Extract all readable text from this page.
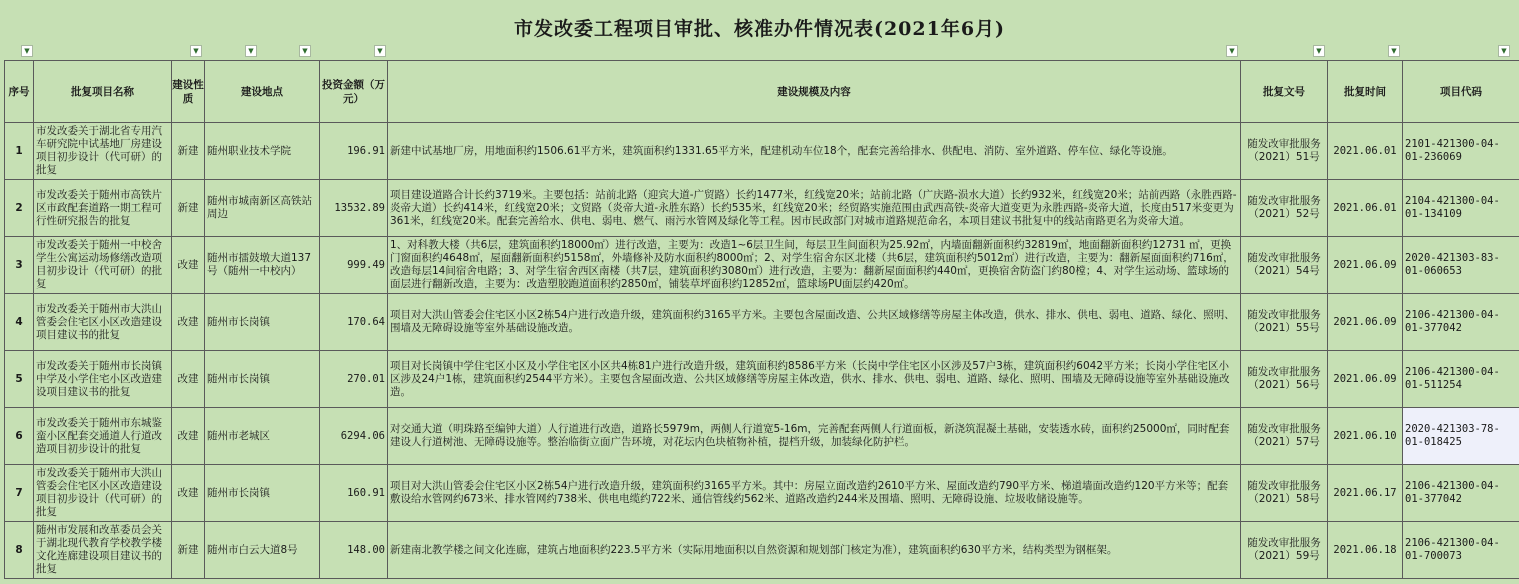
市发改委工程项目审批、核准办件情况表(2021年6月)
▼	▼	▼	▼	▼	▼	▼	▼	▼
序号	批复项目名称	建设性质	建设地点	投资金额（万元）	建设规模及内容	批复文号	批复时间	项目代码

1	市发改委关于湖北省专用汽车研究院中试基地厂房建设项目初步设计（代可研）的批复	新建	随州职业技术学院	196.91	新建中试基地厂房，用地面积约1506.61平方米，建筑面积约1331.65平方米，配建机动车位18个，配套完善给排水、供配电、消防、室外道路、停车位、绿化等设施。	随发改审批服务（2021）51号	2021.06.01	2101-421300-04-01-236069

2	市发改委关于随州市高铁片区市政配套道路一期工程可行性研究报告的批复	新建	随州市城南新区高铁站周边	13532.89	项目建设道路合计长约3719米。主要包括：站前北路（迎宾大道-广贸路）长约1477米，红线宽20米；站前北路（广庆路-涢水大道）长约932米，红线宽20米；站前西路（永胜西路-炎帝大道）长约414米，红线宽20米；文贸路（炎帝大道-永胜东路）长约535米，红线宽20米；经贸路实施范围由武西高铁-炎帝大道变更为永胜西路-炎帝大道，长度由517米变更为361米，红线宽20米。配套完善给水、供电、弱电、燃气、雨污水管网及绿化等工程。因市民政部门对城市道路规范命名，本项目建议书批复中的线站南路更名为炎帝大道。	随发改审批服务（2021）52号	2021.06.01	2104-421300-04-01-134109

3	市发改委关于随州一中校舍学生公寓运动场修缮改造项目初步设计（代可研）的批复	改建	随州市擂鼓墩大道137号（随州一中校内）	999.49	1、对科教大楼（共6层，建筑面积约18000㎡）进行改造，主要为：改造1~6层卫生间，每层卫生间面积为25.92㎡，内墙面翻新面积约32819㎡，地面翻新面积约12731 ㎡，更换门窗面积约4648㎡，屋面翻新面积约5158㎡，外墙修补及防水面积约8000㎡；2、对学生宿舍东区北楼（共6层，建筑面积约5012㎡）进行改造，主要为：翻新屋面面积约716㎡，改造每层14间宿舍电路；3、对学生宿舍西区南楼（共7层，建筑面积约3080㎡）进行改造，主要为：翻新屋面面积约440㎡，更换宿舍防盗门约80樘；4、对学生运动场、篮球场的面层进行翻新改造，主要为：改造塑胶跑道面积约2850㎡，铺装草坪面积约12852㎡，篮球场PU面层约420㎡。	随发改审批服务（2021）54号	2021.06.09	2020-421303-83-01-060653

4	市发改委关于随州市大洪山管委会住宅区小区改造建设项目建议书的批复	改建	随州市长岗镇	170.64	项目对大洪山管委会住宅区小区2栋54户进行改造升级，建筑面积约3165平方米。主要包含屋面改造、公共区域修缮等房屋主体改造，供水、排水、供电、弱电、道路、绿化、照明、围墙及无障碍设施等室外基础设施改造。	随发改审批服务（2021）55号	2021.06.09	2106-421300-04-01-377042

5	市发改委关于随州市长岗镇中学及小学住宅小区改造建设项目建议书的批复	改建	随州市长岗镇	270.01	项目对长岗镇中学住宅区小区及小学住宅区小区共4栋81户进行改造升级，建筑面积约8586平方米（长岗中学住宅区小区涉及57户3栋，建筑面积约6042平方米；长岗小学住宅区小区涉及24户1栋，建筑面积约2544平方米）。主要包含屋面改造、公共区域修缮等房屋主体改造，供水、排水、供电、弱电、道路、绿化、照明、围墙及无障碍设施等室外基础设施改造。	随发改审批服务（2021）56号	2021.06.09	2106-421300-04-01-511254

6	市发改委关于随州市东城鉴蛮小区配套交通道人行道改造项目初步设计的批复	改建	随州市老城区	6294.06	对交通大道（明珠路至编钟大道）人行道进行改造，道路长5979m，两侧人行道宽5-16m，完善配套两侧人行道面板，新浇筑混凝土基础，安装透水砖，面积约25000㎡，同时配套建设人行道树池、无障碍设施等。整治临街立面广告环境，对花坛内色块植物补植，提档升级，加装绿化防护栏。	随发改审批服务（2021）57号	2021.06.10	2020-421303-78-01-018425

7	市发改委关于随州市大洪山管委会住宅区小区改造建设项目初步设计（代可研）的批复	改建	随州市长岗镇	160.91	项目对大洪山管委会住宅区小区2栋54户进行改造升级，建筑面积约3165平方米。其中：房屋立面改造约2610平方米、屋面改造约790平方米、梯道墙面改造约120平方米等；配套敷设给水管网约673米、排水管网约738米、供电电缆约722米、通信管线约562米、道路改造约244米及围墙、照明、无障碍设施、垃圾收储设施等。	随发改审批服务（2021）58号	2021.06.17	2106-421300-04-01-377042

8	随州市发展和改革委员会关于湖北现代教育学校教学楼文化连廊建设项目建议书的批复	新建	随州市白云大道8号	148.00	新建南北教学楼之间文化连廊，建筑占地面积约223.5平方米（实际用地面积以自然资源和规划部门核定为准），建筑面积约630平方米，结构类型为钢框架。	随发改审批服务（2021）59号	2021.06.18	2106-421300-04-01-700073
